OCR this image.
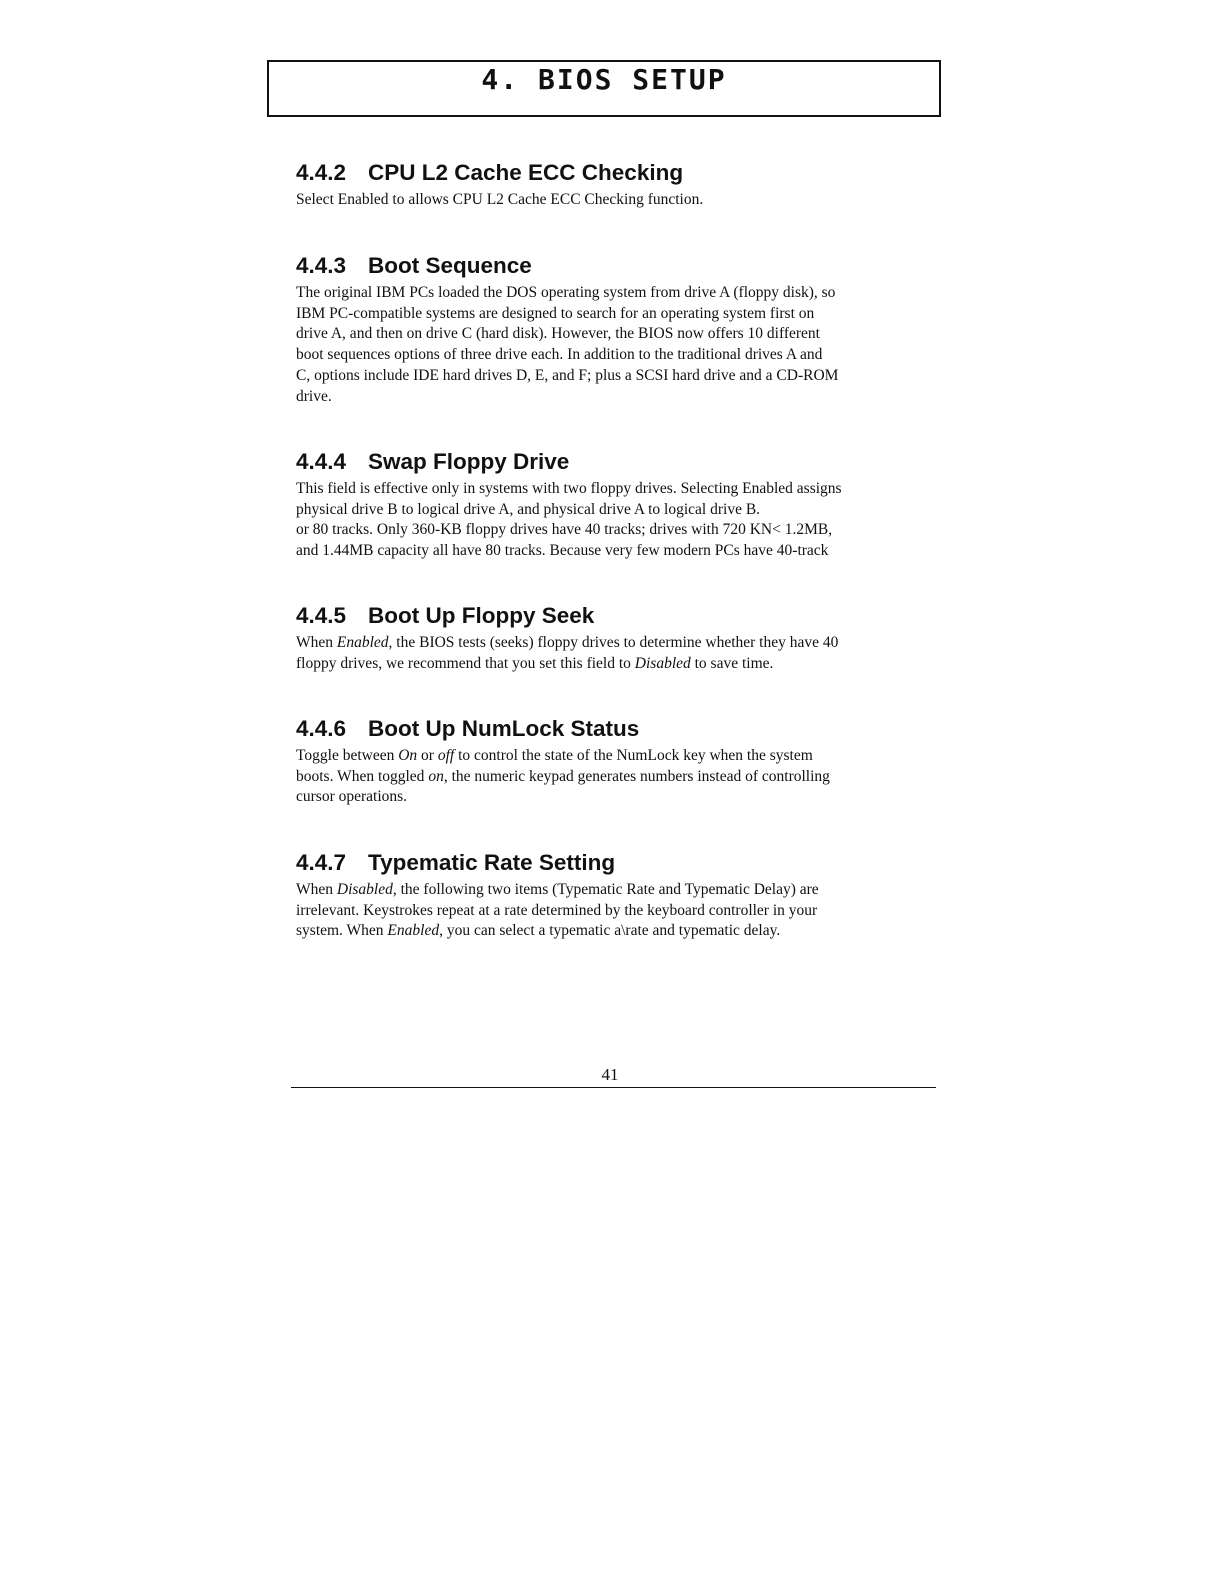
4. BIOS SETUP
4.4.2 CPU L2 Cache ECC Checking
Select Enabled to allows CPU L2 Cache ECC Checking function.
4.4.3 Boot Sequence
The original IBM PCs loaded the DOS operating system from drive A (floppy disk), so
IBM PC-compatible systems are designed to search for an operating system first on
drive A, and then on drive C (hard disk). However, the BIOS now offers 10 different
boot sequences options of three drive each. In addition to the traditional drives A and
C, options include IDE hard drives D, E, and F; plus a SCSI hard drive and a CD-ROM
drive.
4.4.4 Swap Floppy Drive
This field is effective only in systems with two floppy drives. Selecting Enabled assigns
physical drive B to logical drive A, and physical drive A to logical drive B.
or 80 tracks. Only 360-KB floppy drives have 40 tracks; drives with 720 KN< 1.2MB,
and 1.44MB capacity all have 80 tracks. Because very few modern PCs have 40-track
4.4.5 Boot Up Floppy Seek
When Enabled, the BIOS tests (seeks) floppy drives to determine whether they have 40
floppy drives, we recommend that you set this field to Disabled to save time.
4.4.6 Boot Up NumLock Status
Toggle between On or off to control the state of the NumLock key when the system
boots. When toggled on, the numeric keypad generates numbers instead of controlling
cursor operations.
4.4.7 Typematic Rate Setting
When Disabled, the following two items (Typematic Rate and Typematic Delay) are
irrelevant. Keystrokes repeat at a rate determined by the keyboard controller in your
system. When Enabled, you can select a typematic a\rate and typematic delay.
41
